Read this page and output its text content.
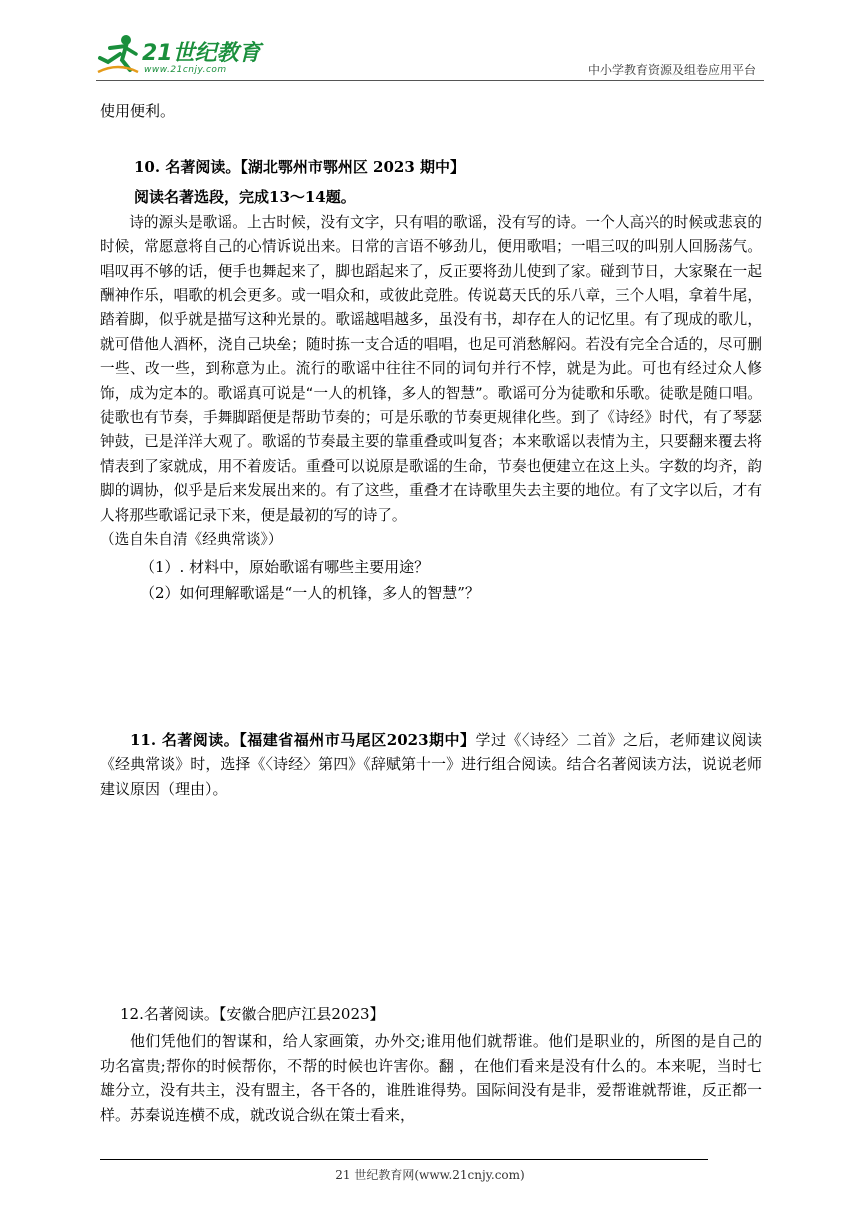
21世纪教育
www.21cnjy.com	中小学教育资源及组卷应用平台

使用便利。

10. 名著阅读。【湖北鄂州市鄂州区 2023 期中】

阅读名著选段，完成13～14题。

诗的源头是歌谣。上古时候，没有文字，只有唱的歌谣，没有写的诗。一个人高兴的时候或悲哀的时候，常愿意将自己的心情诉说出来。日常的言语不够劲儿，便用歌唱；一唱三叹的叫别人回肠荡气。唱叹再不够的话，便手也舞起来了，脚也蹈起来了，反正要将劲儿使到了家。碰到节日，大家聚在一起酬神作乐，唱歌的机会更多。或一唱众和，或彼此竞胜。传说葛天氏的乐八章，三个人唱，拿着牛尾，踏着脚，似乎就是描写这种光景的。歌谣越唱越多，虽没有书，却存在人的记忆里。有了现成的歌儿，就可借他人酒杯，浇自己块垒；随时拣一支合适的唱唱，也足可消愁解闷。若没有完全合适的，尽可删一些、改一些，到称意为止。流行的歌谣中往往不同的词句并行不悖，就是为此。可也有经过众人修饰，成为定本的。歌谣真可说是“一人的机锋，多人的智慧”。歌谣可分为徒歌和乐歌。徒歌是随口唱。徒歌也有节奏，手舞脚蹈便是帮助节奏的；可是乐歌的节奏更规律化些。到了《诗经》时代，有了琴瑟钟鼓，已是洋洋大观了。歌谣的节奏最主要的靠重叠或叫复沓；本来歌谣以表情为主，只要翻来覆去将情表到了家就成，用不着废话。重叠可以说原是歌谣的生命，节奏也便建立在这上头。字数的均齐，韵脚的调协，似乎是后来发展出来的。有了这些，重叠才在诗歌里失去主要的地位。有了文字以后，才有人将那些歌谣记录下来，便是最初的写的诗了。

（选自朱自清《经典常谈》）

（1）. 材料中，原始歌谣有哪些主要用途？

（2）如何理解歌谣是“一人的机锋，多人的智慧”？

11. 名著阅读。【福建省福州市马尾区2023期中】学过《〈诗经〉二首》之后，老师建议阅读《经典常谈》时，选择《〈诗经〉第四》《辞赋第十一》进行组合阅读。结合名著阅读方法，说说老师建议原因（理由）。

12.名著阅读。【安徽合肥庐江县2023】

他们凭他们的智谋和，给人家画策，办外交;谁用他们就帮谁。他们是职业的，所图的是自己的功名富贵;帮你的时候帮你，不帮的时候也许害你。翻 ，在他们看来是没有什么的。本来呢，当时七雄分立，没有共主，没有盟主，各干各的，谁胜谁得势。国际间没有是非，爱帮谁就帮谁，反正都一样。苏秦说连横不成，就改说合纵在策士看来，

21 世纪教育网(www.21cnjy.com)
